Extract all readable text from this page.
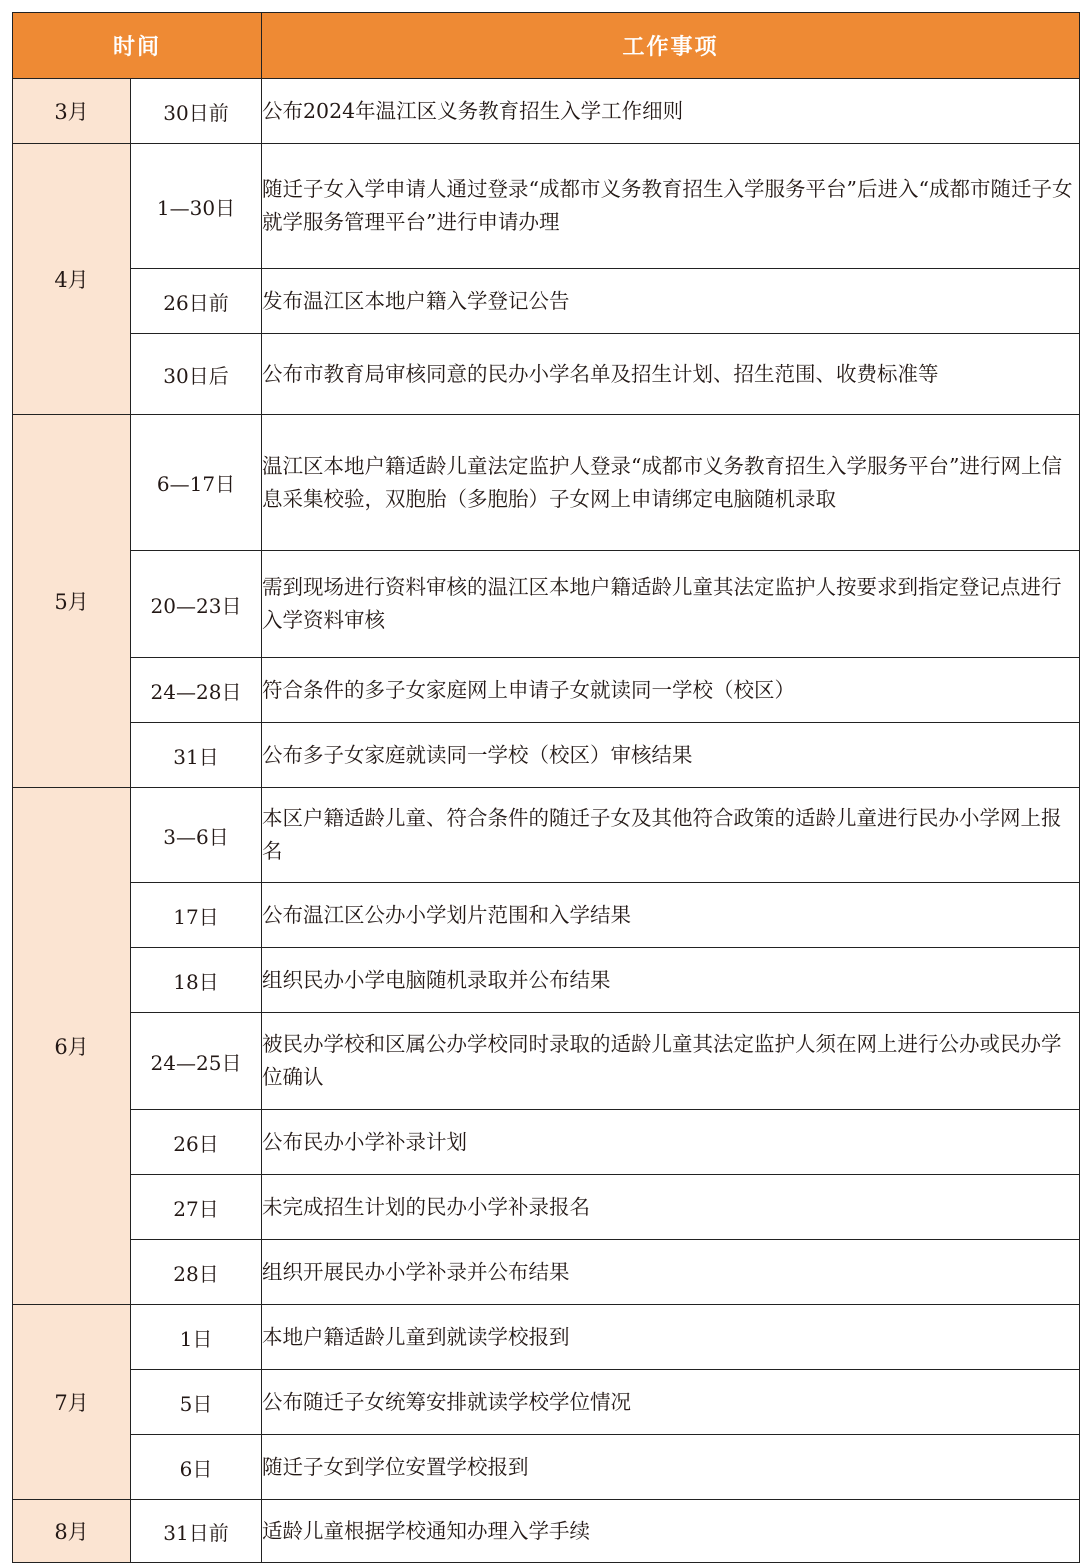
时间		工作事项
3月	30日前	公布2024年温江区义务教育招生入学工作细则
4月	1—30日	随迁子女入学申请人通过登录“成都市义务教育招生入学服务平台”后进入“成都市随迁子女就学服务管理平台”进行申请办理
	26日前	发布温江区本地户籍入学登记公告
	30日后	公布市教育局审核同意的民办小学名单及招生计划、招生范围、收费标准等
5月	6—17日	温江区本地户籍适龄儿童法定监护人登录“成都市义务教育招生入学服务平台”进行网上信息采集校验，双胞胎（多胞胎）子女网上申请绑定电脑随机录取
	20—23日	需到现场进行资料审核的温江区本地户籍适龄儿童其法定监护人按要求到指定登记点进行入学资料审核
	24—28日	符合条件的多子女家庭网上申请子女就读同一学校（校区）
	31日	公布多子女家庭就读同一学校（校区）审核结果
6月	3—6日	本区户籍适龄儿童、符合条件的随迁子女及其他符合政策的适龄儿童进行民办小学网上报名
	17日	公布温江区公办小学划片范围和入学结果
	18日	组织民办小学电脑随机录取并公布结果
	24—25日	被民办学校和区属公办学校同时录取的适龄儿童其法定监护人须在网上进行公办或民办学位确认
	26日	公布民办小学补录计划
	27日	未完成招生计划的民办小学补录报名
	28日	组织开展民办小学补录并公布结果
7月	1日	本地户籍适龄儿童到就读学校报到
	5日	公布随迁子女统筹安排就读学校学位情况
	6日	随迁子女到学位安置学校报到
8月	31日前	适龄儿童根据学校通知办理入学手续
